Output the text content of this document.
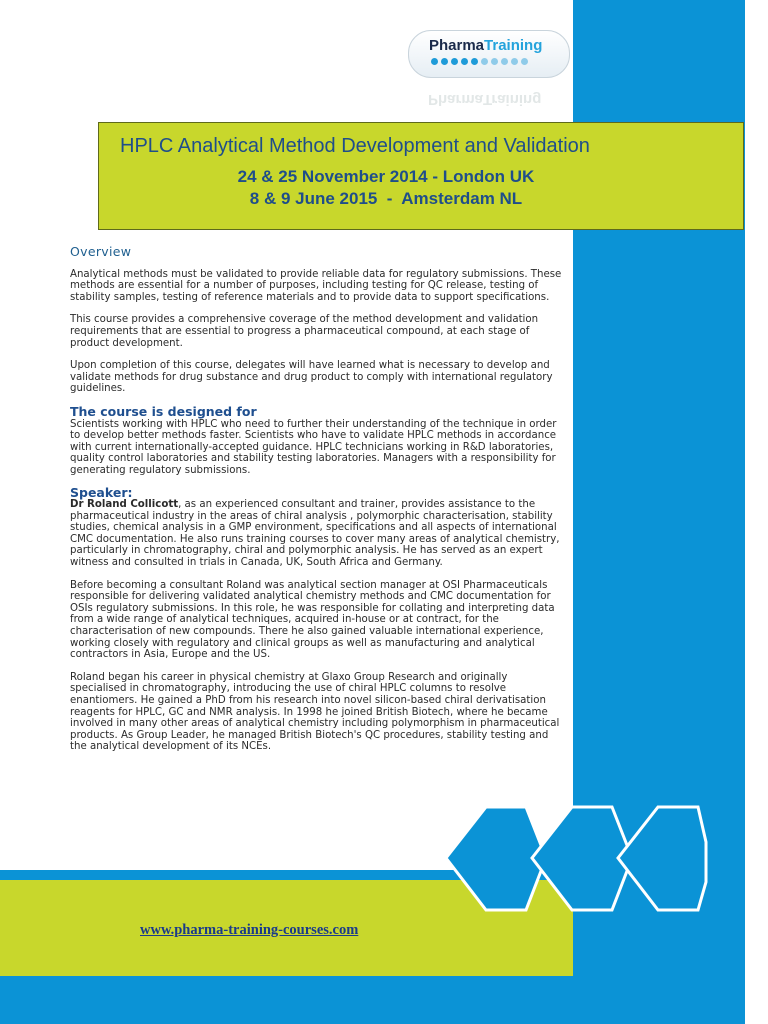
PharmaTraining
PharmaTraining
HPLC Analytical Method Development and Validation
24 & 25 November 2014 - London UK
8 & 9 June 2015  -  Amsterdam NL
Overview

Analytical methods must be validated to provide reliable data for regulatory submissions. These methods are essential for a number of purposes, including testing for QC release, testing of stability samples, testing of reference materials and to provide data to support specifications.

This course provides a comprehensive coverage of the method development and validation requirements that are essential to progress a pharmaceutical compound, at each stage of product development.

Upon completion of this course, delegates will have learned what is necessary to develop and validate methods for drug substance and drug product to comply with international regulatory guidelines.

The course is designed for

Scientists working with HPLC who need to further their understanding of the technique in order to develop better methods faster. Scientists who have to validate HPLC methods in accordance with current internationally-accepted guidance. HPLC technicians working in R&D laboratories, quality control laboratories and stability testing laboratories. Managers with a responsibility for generating regulatory submissions.

Speaker:

Dr Roland Collicott, as an experienced consultant and trainer, provides assistance to the pharmaceutical industry in the areas of chiral analysis , polymorphic characterisation, stability studies, chemical analysis in a GMP environment, specifications and all aspects of international CMC documentation. He also runs training courses to cover many areas of analytical chemistry, particularly in chromatography, chiral and polymorphic analysis. He has served as an expert witness and consulted in trials in Canada, UK, South Africa and Germany.

Before becoming a consultant Roland was analytical section manager at OSI Pharmaceuticals responsible for delivering validated analytical chemistry methods and CMC documentation for OSIs regulatory submissions. In this role, he was responsible for collating and interpreting data from a wide range of analytical techniques, acquired in-house or at contract, for the characterisation of new compounds. There he also gained valuable international experience, working closely with regulatory and clinical groups as well as manufacturing and analytical contractors in Asia, Europe and the US.

Roland began his career in physical chemistry at Glaxo Group Research and originally specialised in chromatography, introducing the use of chiral HPLC columns to resolve enantiomers. He gained a PhD from his research into novel silicon-based chiral derivatisation reagents for HPLC, GC and NMR analysis. In 1998 he joined British Biotech, where he became involved in many other areas of analytical chemistry including polymorphism in pharmaceutical products. As Group Leader, he managed British Biotech's QC procedures, stability testing and the analytical development of its NCEs.

www.pharma-training-courses.com
